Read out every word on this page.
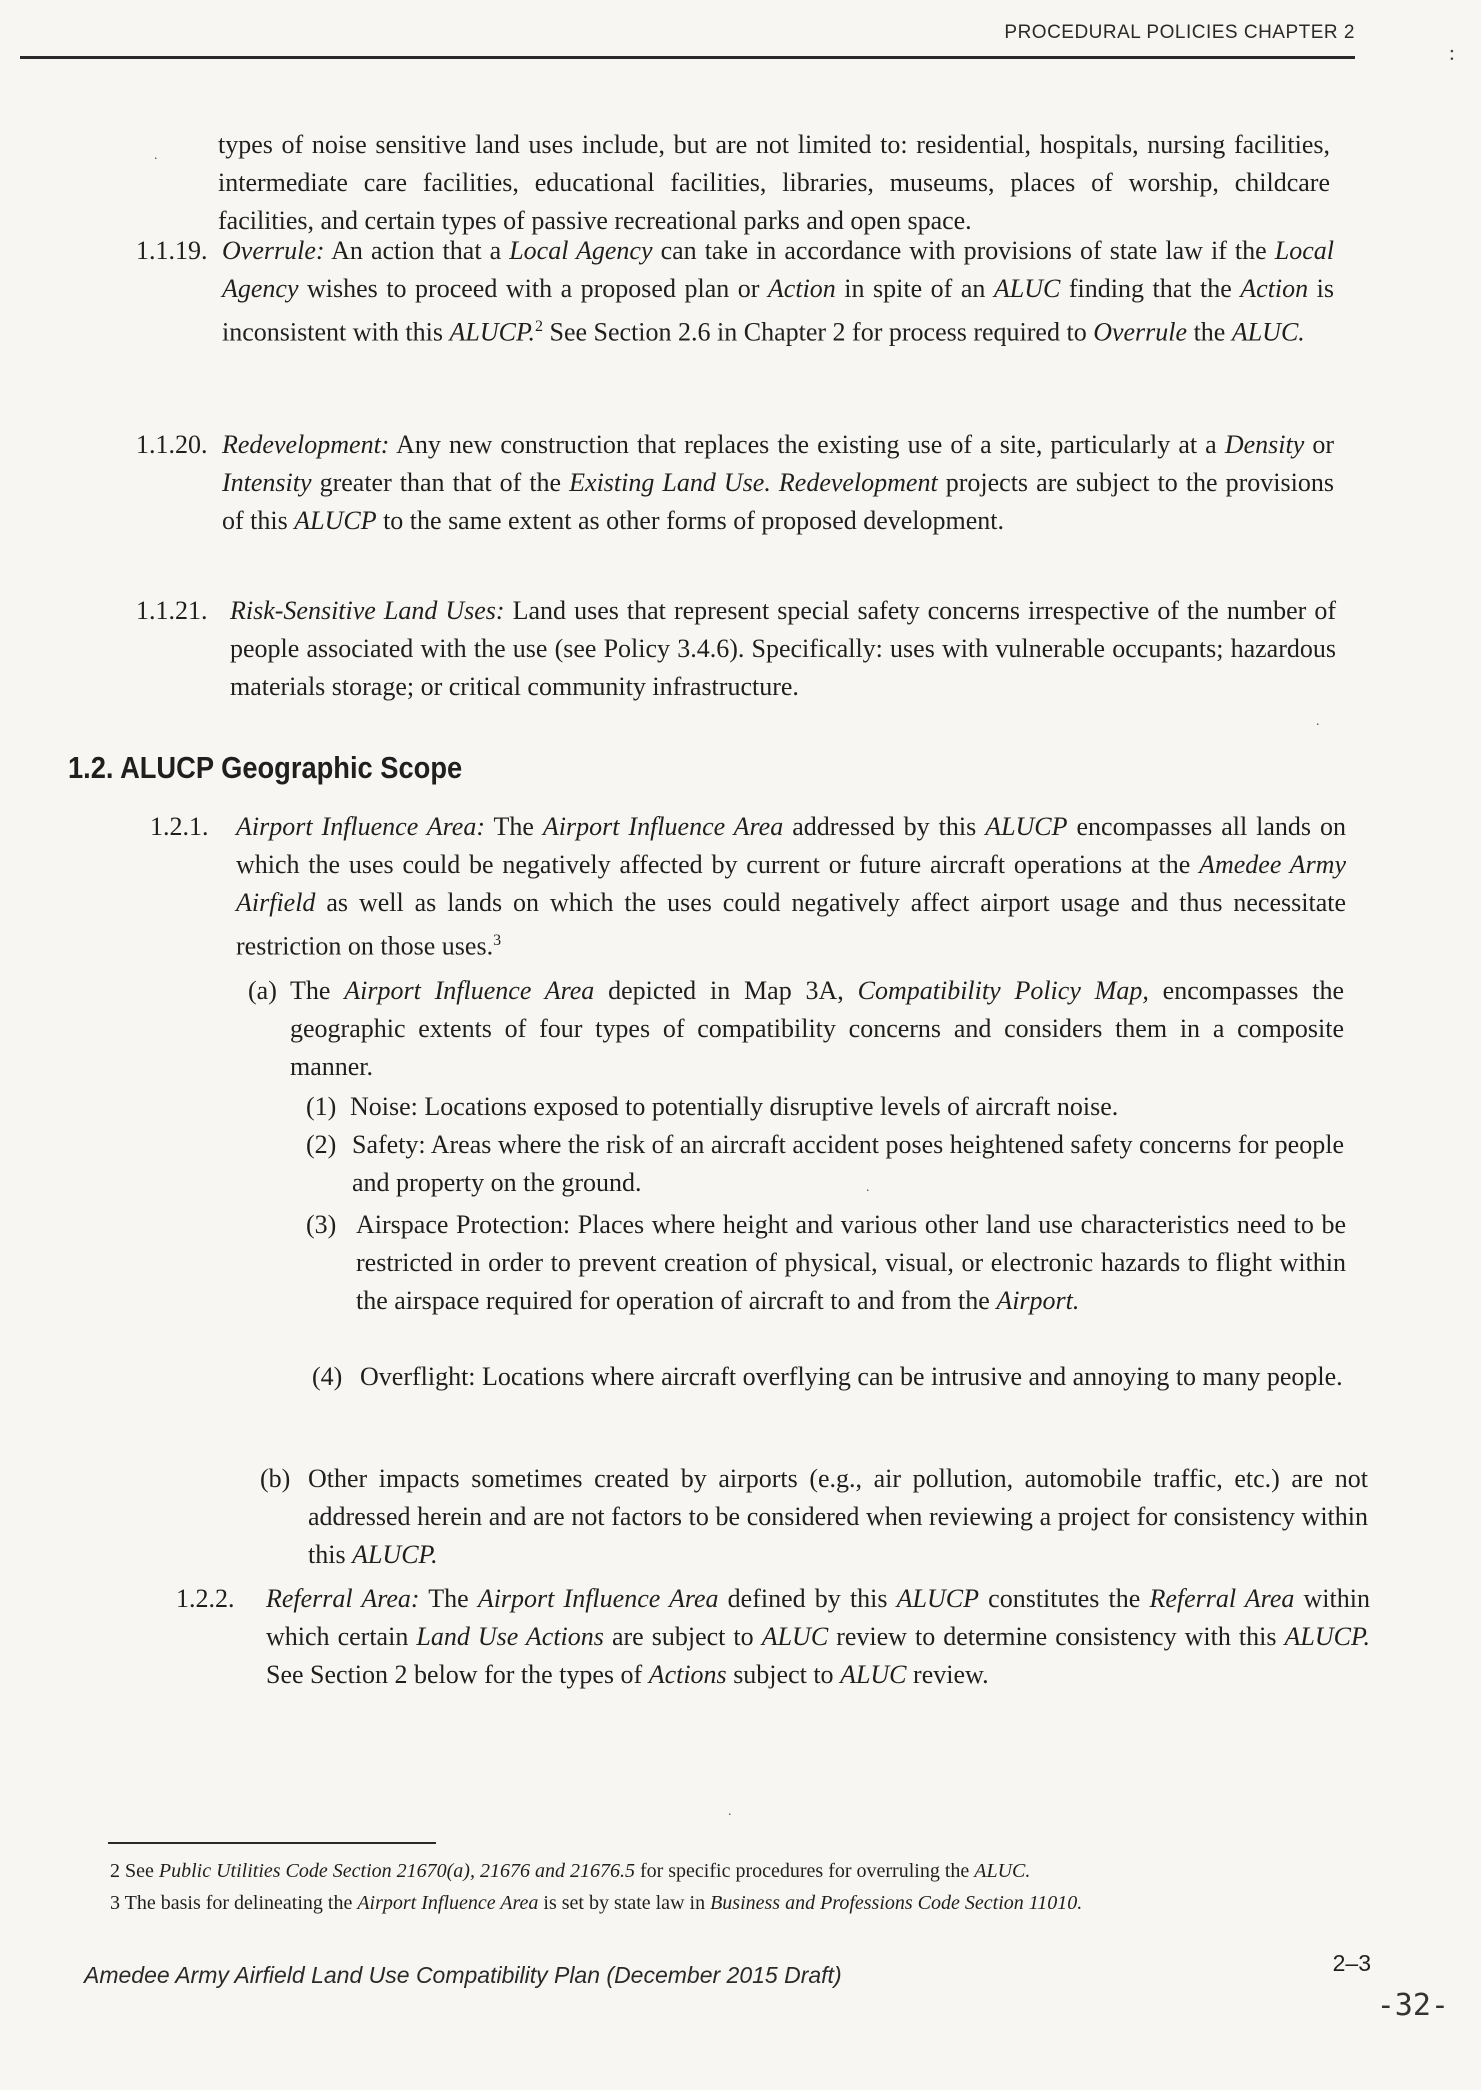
PROCEDURAL POLICIES CHAPTER 2
:
. types of noise sensitive land uses include, but are not limited to: residential, hospitals, nursing facilities, intermediate care facilities, educational facilities, libraries, museums, places of worship, childcare facilities, and certain types of passive recreational parks and open space.
1.1.19. Overrule: An action that a Local Agency can take in accordance with provisions of state law if the Local Agency wishes to proceed with a proposed plan or Action in spite of an ALUC finding that the Action is inconsistent with this ALUCP.$^2$ See Section 2.6 in Chapter 2 for process required to Overrule the ALUC.
1.1.20. Redevelopment: Any new construction that replaces the existing use of a site, particularly at a Density or Intensity greater than that of the Existing Land Use. Redevelopment projects are subject to the provisions of this ALUCP to the same extent as other forms of proposed development.
1.1.21. Risk-Sensitive Land Uses: Land uses that represent special safety concerns irrespective of the number of people associated with the use (see Policy 3.4.6). Specifically: uses with vulnerable occupants; hazardous materials storage; or critical community infrastructure.
.
1.2. ALUCP Geographic Scope
1.2.1. Airport Influence Area: The Airport Influence Area addressed by this ALUCP encompasses all lands on which the uses could be negatively affected by current or future aircraft operations at the Amedee Army Airfield as well as lands on which the uses could negatively affect airport usage and thus necessitate restriction on those uses.$^3$
(a) The Airport Influence Area depicted in Map 3A, Compatibility Policy Map, encompasses the geographic extents of four types of compatibility concerns and considers them in a composite manner.
(1) Noise: Locations exposed to potentially disruptive levels of aircraft noise.
(2) Safety: Areas where the risk of an aircraft accident poses heightened safety concerns for people and property on the ground.	.
(3) Airspace Protection: Places where height and various other land use characteristics need to be restricted in order to prevent creation of physical, visual, or electronic hazards to flight within the airspace required for operation of aircraft to and from the Airport.
(4) Overflight: Locations where aircraft overflying can be intrusive and annoying to many people.
(b) Other impacts sometimes created by airports (e.g., air pollution, automobile traffic, etc.) are not addressed herein and are not factors to be considered when reviewing a project for consistency within this ALUCP.
1.2.2. Referral Area: The Airport Influence Area defined by this ALUCP constitutes the Referral Area within which certain Land Use Actions are subject to ALUC review to determine consistency with this ALUCP. See Section 2 below for the types of Actions subject to ALUC review.
.
2 See Public Utilities Code Section 21670(a), 21676 and 21676.5 for specific procedures for overruling the ALUC.
3 The basis for delineating the Airport Influence Area is set by state law in Business and Professions Code Section 11010.
Amedee Army Airfield Land Use Compatibility Plan (December 2015 Draft)	2–3
-32-
